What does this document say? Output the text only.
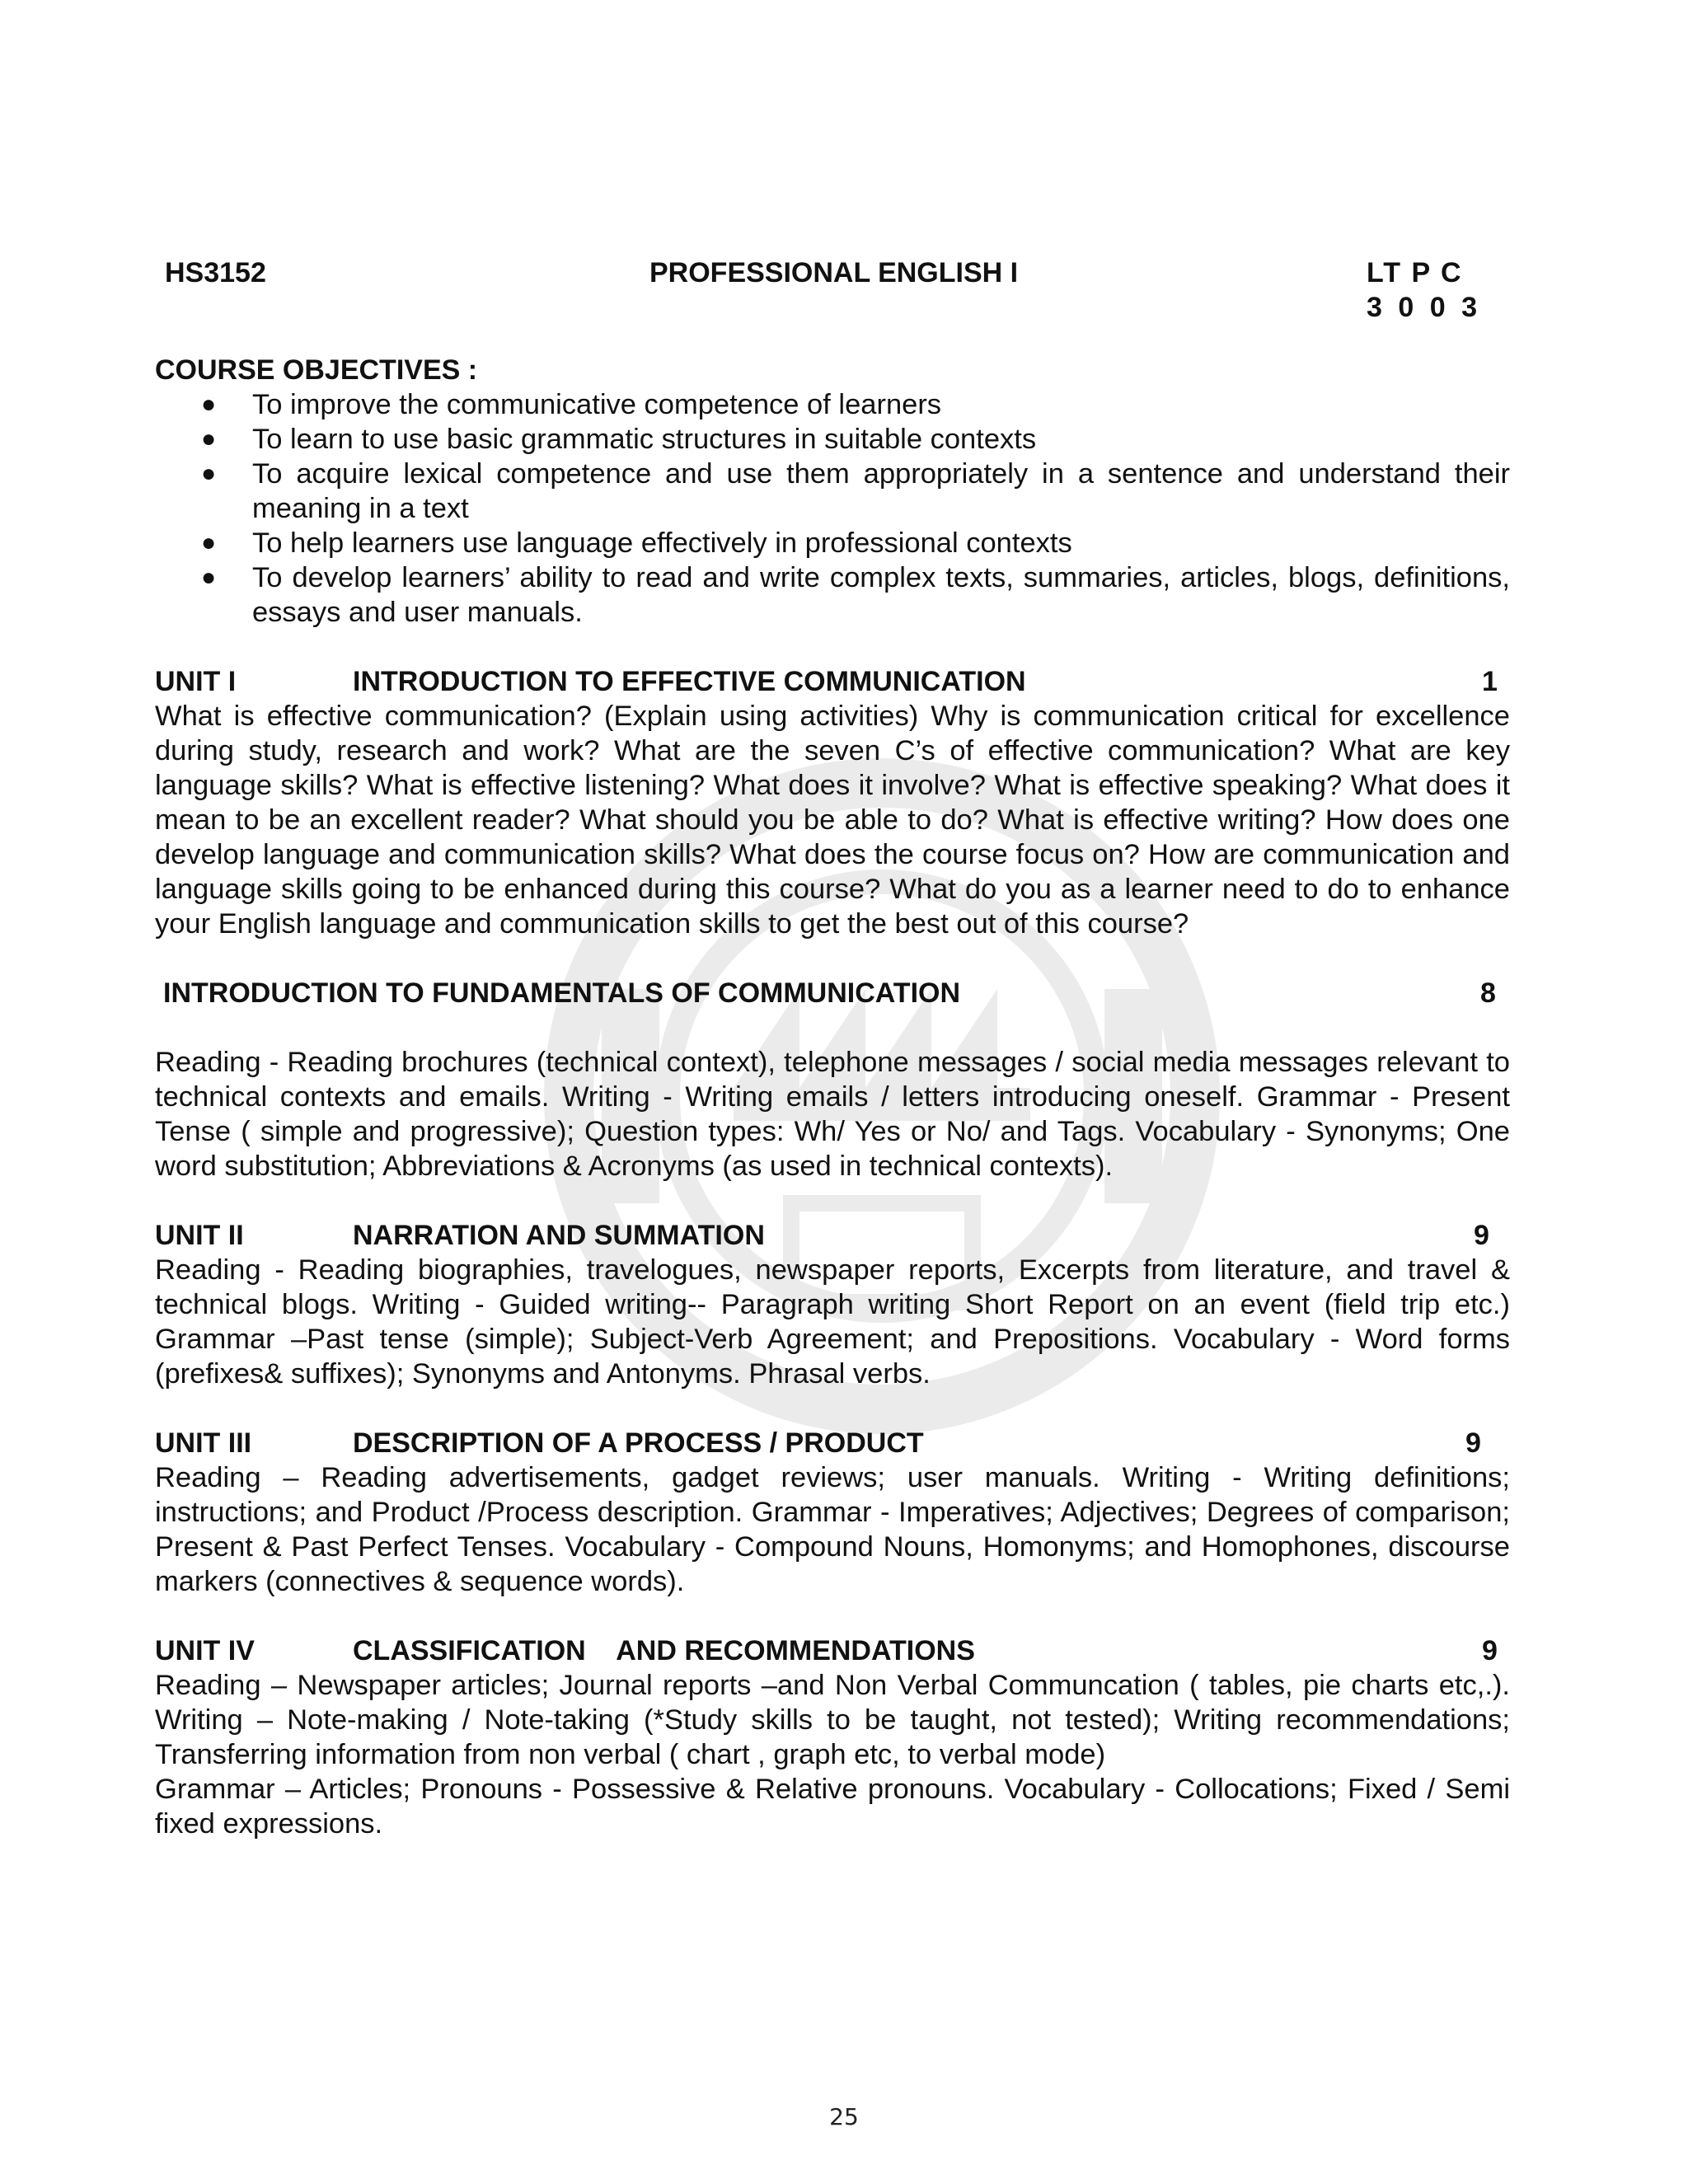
HS3152	PROFESSIONAL ENGLISH I	LT P C
3 0 0 3
COURSE OBJECTIVES :
● To improve the communicative competence of learners
● To learn to use basic grammatic structures in suitable contexts
● To acquire lexical competence and use them appropriately in a sentence and understand their meaning in a text
● To help learners use language effectively in professional contexts
● To develop learners’ ability to read and write complex texts, summaries, articles, blogs, definitions, essays and user manuals.
UNIT I	INTRODUCTION TO EFFECTIVE COMMUNICATION	1
What is effective communication? (Explain using activities) Why is communication critical for excellence during study, research and work? What are the seven C’s of effective communication? What are key language skills? What is effective listening? What does it involve? What is effective speaking? What does it mean to be an excellent reader? What should you be able to do? What is effective writing? How does one develop language and communication skills? What does the course focus on? How are communication and language skills going to be enhanced during this course? What do you as a learner need to do to enhance your English language and communication skills to get the best out of this course?
INTRODUCTION TO FUNDAMENTALS OF COMMUNICATION	8
Reading - Reading brochures (technical context), telephone messages / social media messages relevant to technical contexts and emails. Writing - Writing emails / letters introducing oneself. Grammar - Present Tense ( simple and progressive); Question types: Wh/ Yes or No/ and Tags. Vocabulary - Synonyms; One word substitution; Abbreviations & Acronyms (as used in technical contexts).
UNIT II	NARRATION AND SUMMATION	9
Reading - Reading biographies, travelogues, newspaper reports, Excerpts from literature, and travel & technical blogs. Writing - Guided writing-- Paragraph writing Short Report on an event (field trip etc.) Grammar –Past tense (simple); Subject-Verb Agreement; and Prepositions. Vocabulary - Word forms (prefixes& suffixes); Synonyms and Antonyms. Phrasal verbs.
UNIT III	DESCRIPTION OF A PROCESS / PRODUCT	9
Reading – Reading advertisements, gadget reviews; user manuals. Writing - Writing definitions; instructions; and Product /Process description. Grammar - Imperatives; Adjectives; Degrees of comparison; Present & Past Perfect Tenses. Vocabulary - Compound Nouns, Homonyms; and Homophones, discourse markers (connectives & sequence words).
UNIT IV	CLASSIFICATION    AND RECOMMENDATIONS	9
Reading – Newspaper articles; Journal reports –and Non Verbal Communcation ( tables, pie charts etc,.). Writing – Note-making / Note-taking (*Study skills to be taught, not tested); Writing recommendations; Transferring information from non verbal ( chart , graph etc, to verbal mode)
Grammar – Articles; Pronouns - Possessive & Relative pronouns. Vocabulary - Collocations; Fixed / Semi fixed expressions.
25
